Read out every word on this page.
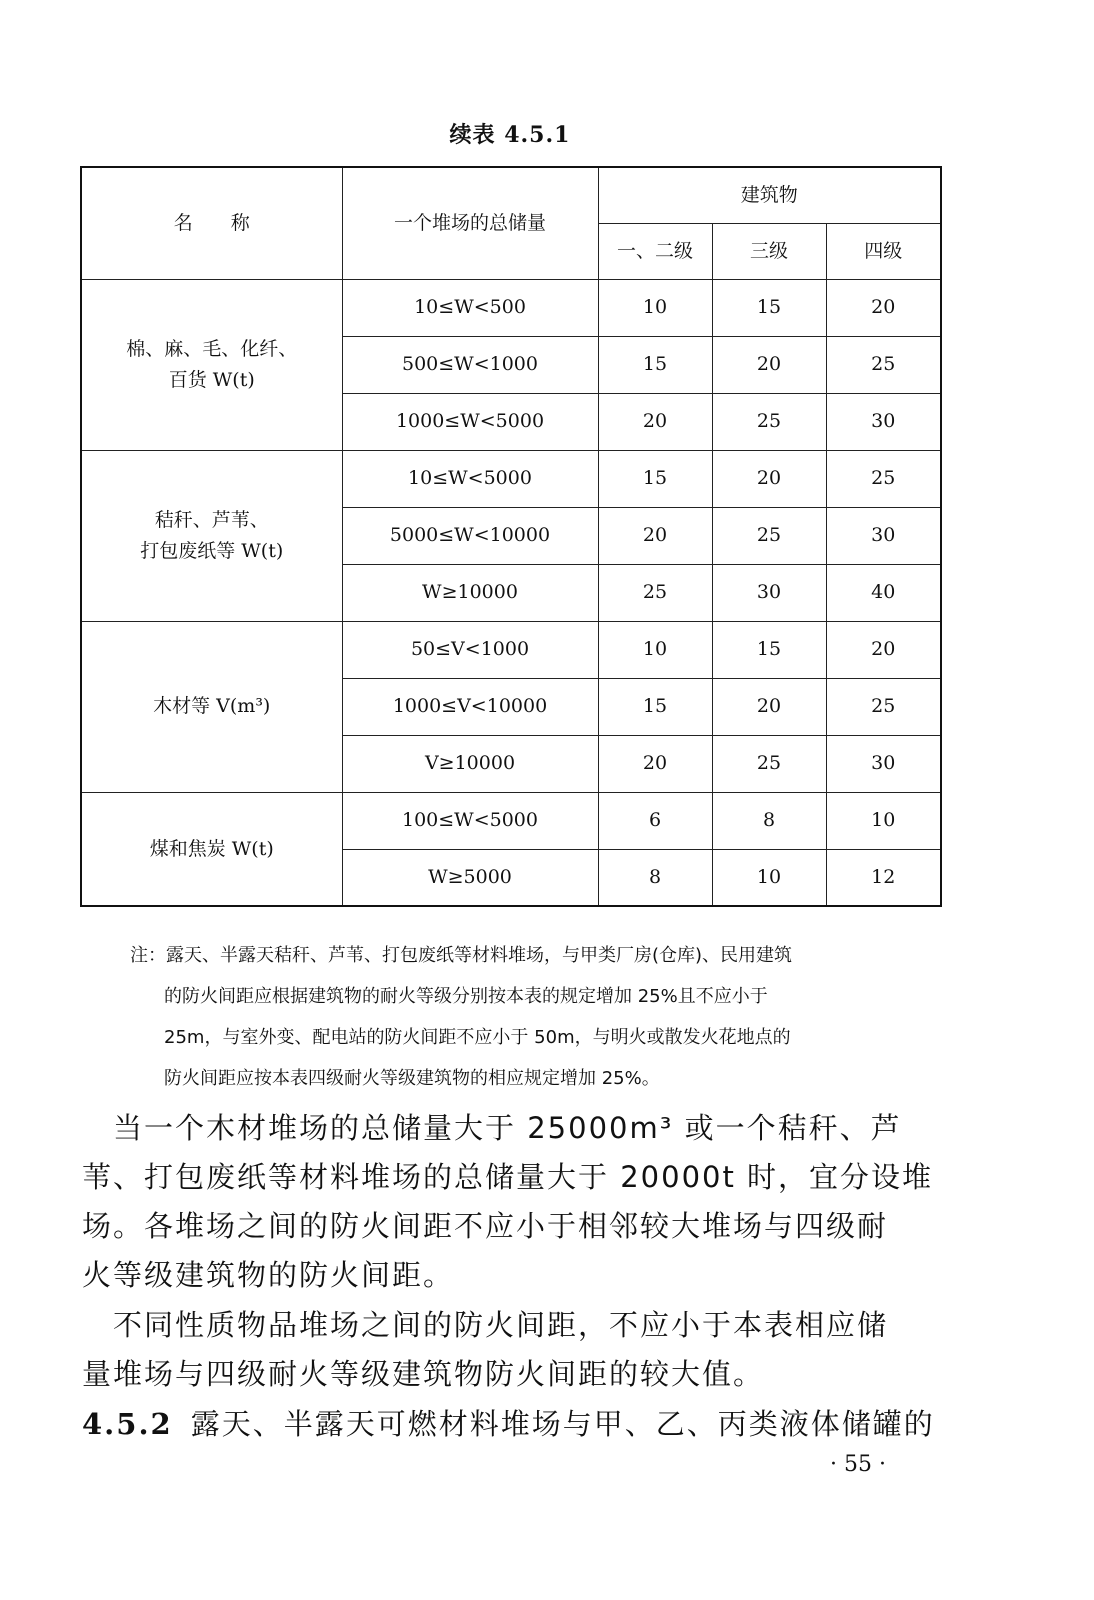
续表 4.5.1
名　　称	一个堆场的总储量	建筑物		
		一、二级	三级	四级

棉、麻、毛、化纤、
百货 W(t)	10≤W<500	10	15	20
	500≤W<1000	15	20	25
	1000≤W<5000	20	25	30

秸秆、芦苇、
打包废纸等 W(t)	10≤W<5000	15	20	25
	5000≤W<10000	20	25	30
	W≥10000	25	30	40

木材等 V(m³)	50≤V<1000	10	15	20
	1000≤V<10000	15	20	25
	V≥10000	20	25	30

煤和焦炭 W(t)	100≤W<5000	6	8	10
	W≥5000	8	10	12
注：露天、半露天秸秆、芦苇、打包废纸等材料堆场，与甲类厂房(仓库)、民用建筑

的防火间距应根据建筑物的耐火等级分别按本表的规定增加 25%且不应小于
25m，与室外变、配电站的防火间距不应小于 50m，与明火或散发火花地点的
防火间距应按本表四级耐火等级建筑物的相应规定增加 25%。
　当一个木材堆场的总储量大于 25000m³ 或一个秸秆、芦
苇、打包废纸等材料堆场的总储量大于 20000t 时，宜分设堆
场。各堆场之间的防火间距不应小于相邻较大堆场与四级耐
火等级建筑物的防火间距。
　不同性质物品堆场之间的防火间距，不应小于本表相应储
量堆场与四级耐火等级建筑物防火间距的较大值。
4.5.2 露天、半露天可燃材料堆场与甲、乙、丙类液体储罐的
· 55 ·
